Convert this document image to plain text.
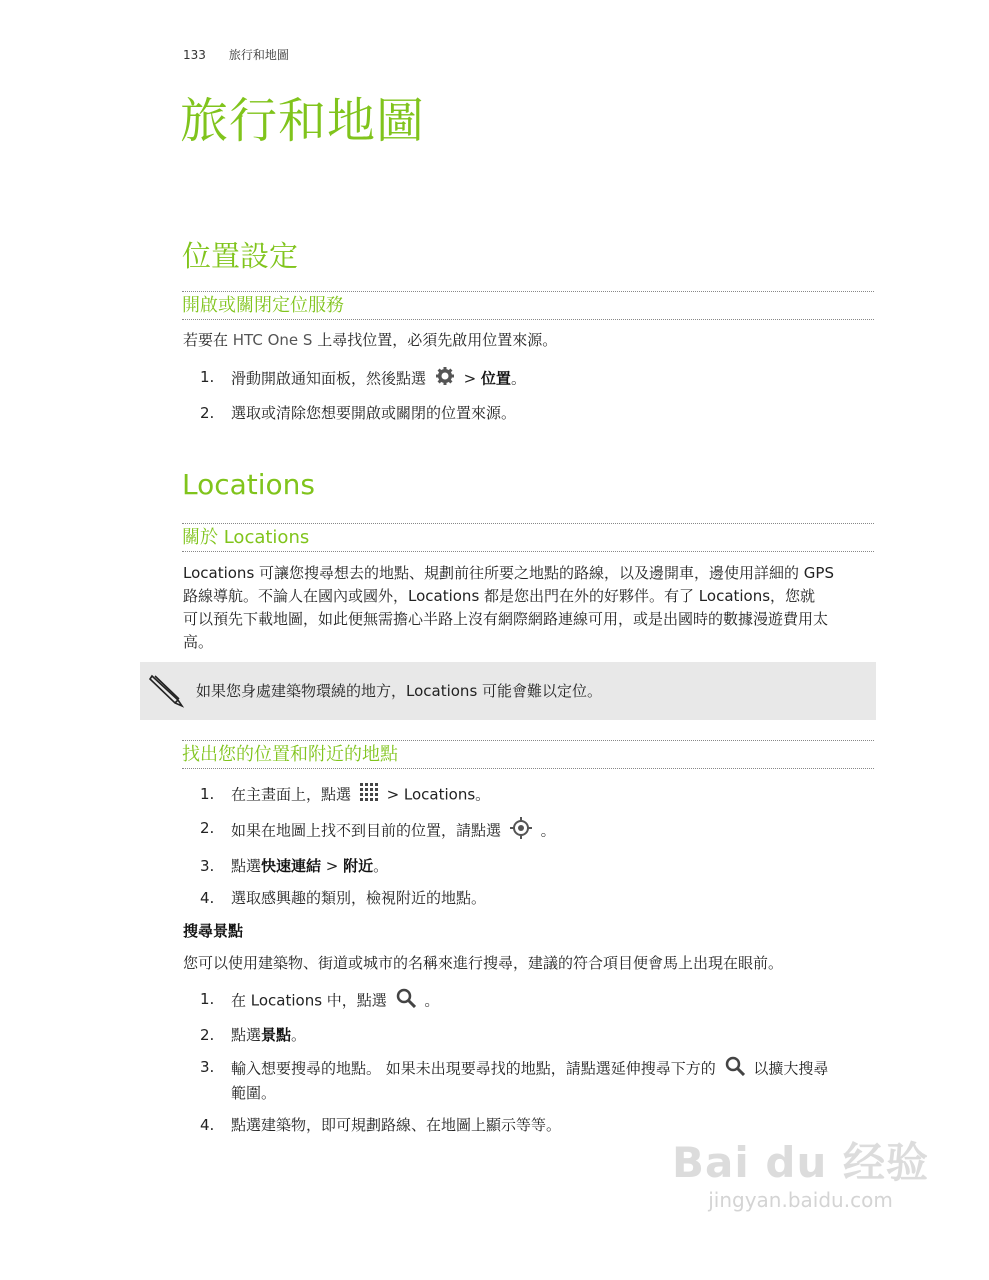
133 旅行和地圖
旅行和地圖
位置設定
開啟或關閉定位服務
若要在 HTC One S 上尋找位置，必須先啟用位置來源。
1.	滑動開啟通知面板，然後點選	> 位置。
2.	選取或清除您想要開啟或關閉的位置來源。
Locations
關於 Locations
Locations 可讓您搜尋想去的地點、規劃前往所要之地點的路線，以及邊開車，邊使用詳細的 GPS
路線導航。不論人在國內或國外，Locations 都是您出門在外的好夥伴。有了 Locations，您就
可以預先下載地圖，如此便無需擔心半路上沒有網際網路連線可用，或是出國時的數據漫遊費用太
高。
如果您身處建築物環繞的地方，Locations 可能會難以定位。
找出您的位置和附近的地點
1.	在主畫面上，點選 > Locations。
2.	如果在地圖上找不到目前的位置，請點選	。
3.	點選快速連結 > 附近。
4.	選取感興趣的類別，檢視附近的地點。
搜尋景點
您可以使用建築物、街道或城市的名稱來進行搜尋，建議的符合項目便會馬上出現在眼前。
1.	在 Locations 中，點選	。
2.	點選景點。
3.	輸入想要搜尋的地點。 如果未出現要尋找的地點，請點選延伸搜尋下方的	以擴大搜尋
範圍。
4.	點選建築物，即可規劃路線、在地圖上顯示等等。
Bai du 经验
jingyan.baidu.com
